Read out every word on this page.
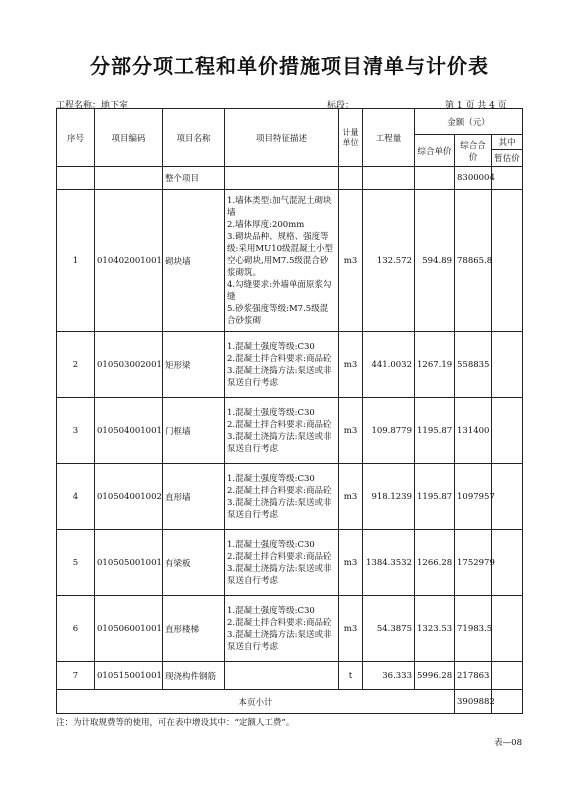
分部分项工程和单价措施项目清单与计价表
工程名称：地下室	标段：	第 1 页 共 4 页
序号	项目编码	项目名称	项目特征描述	计量单位	工程量	金额（元）		
						综合单价	综合合价	其中
暂估价

		整个项目					8300004	
1	010402001001	砌块墙	1.墙体类型:加气混泥土砌块墙
2.墙体厚度:200mm
3.砌块品种、规格、强度等级:采用MU10级混凝土小型空心砌块,用M7.5级混合砂浆砌筑。
4.勾缝要求:外墙单面原浆勾缝
5.砂浆强度等级:M7.5级混合砂浆砌	m3	132.572	594.89	78865.8	
2	010503002001	矩形梁	1.混凝土强度等级:C30
2.混凝土拌合料要求:商品砼
3.混凝土浇捣方法:泵送或非泵送自行考虑	m3	441.0032	1267.19	558835	
3	010504001001	门框墙	1.混凝土强度等级:C30
2.混凝土拌合料要求:商品砼
3.混凝土浇捣方法:泵送或非泵送自行考虑	m3	109.8779	1195.87	131400	
4	010504001002	直形墙	1.混凝土强度等级:C30
2.混凝土拌合料要求:商品砼
3.混凝土浇捣方法:泵送或非泵送自行考虑	m3	918.1239	1195.87	1097957	
5	010505001001	有梁板	1.混凝土强度等级:C30
2.混凝土拌合料要求:商品砼
3.混凝土浇捣方法:泵送或非泵送自行考虑	m3	1384.3532	1266.28	1752979	
6	010506001001	直形楼梯	1.混凝土强度等级:C30
2.混凝土拌合料要求:商品砼
3.混凝土浇捣方法:泵送或非泵送自行考虑	m3	54.3875	1323.53	71983.5	
7	010515001001	现浇构件钢筋		t	36.333	5996.28	217863	
本页小计							3909882	
注：为计取规费等的使用，可在表中增设其中：“定额人工费”。
表—08
